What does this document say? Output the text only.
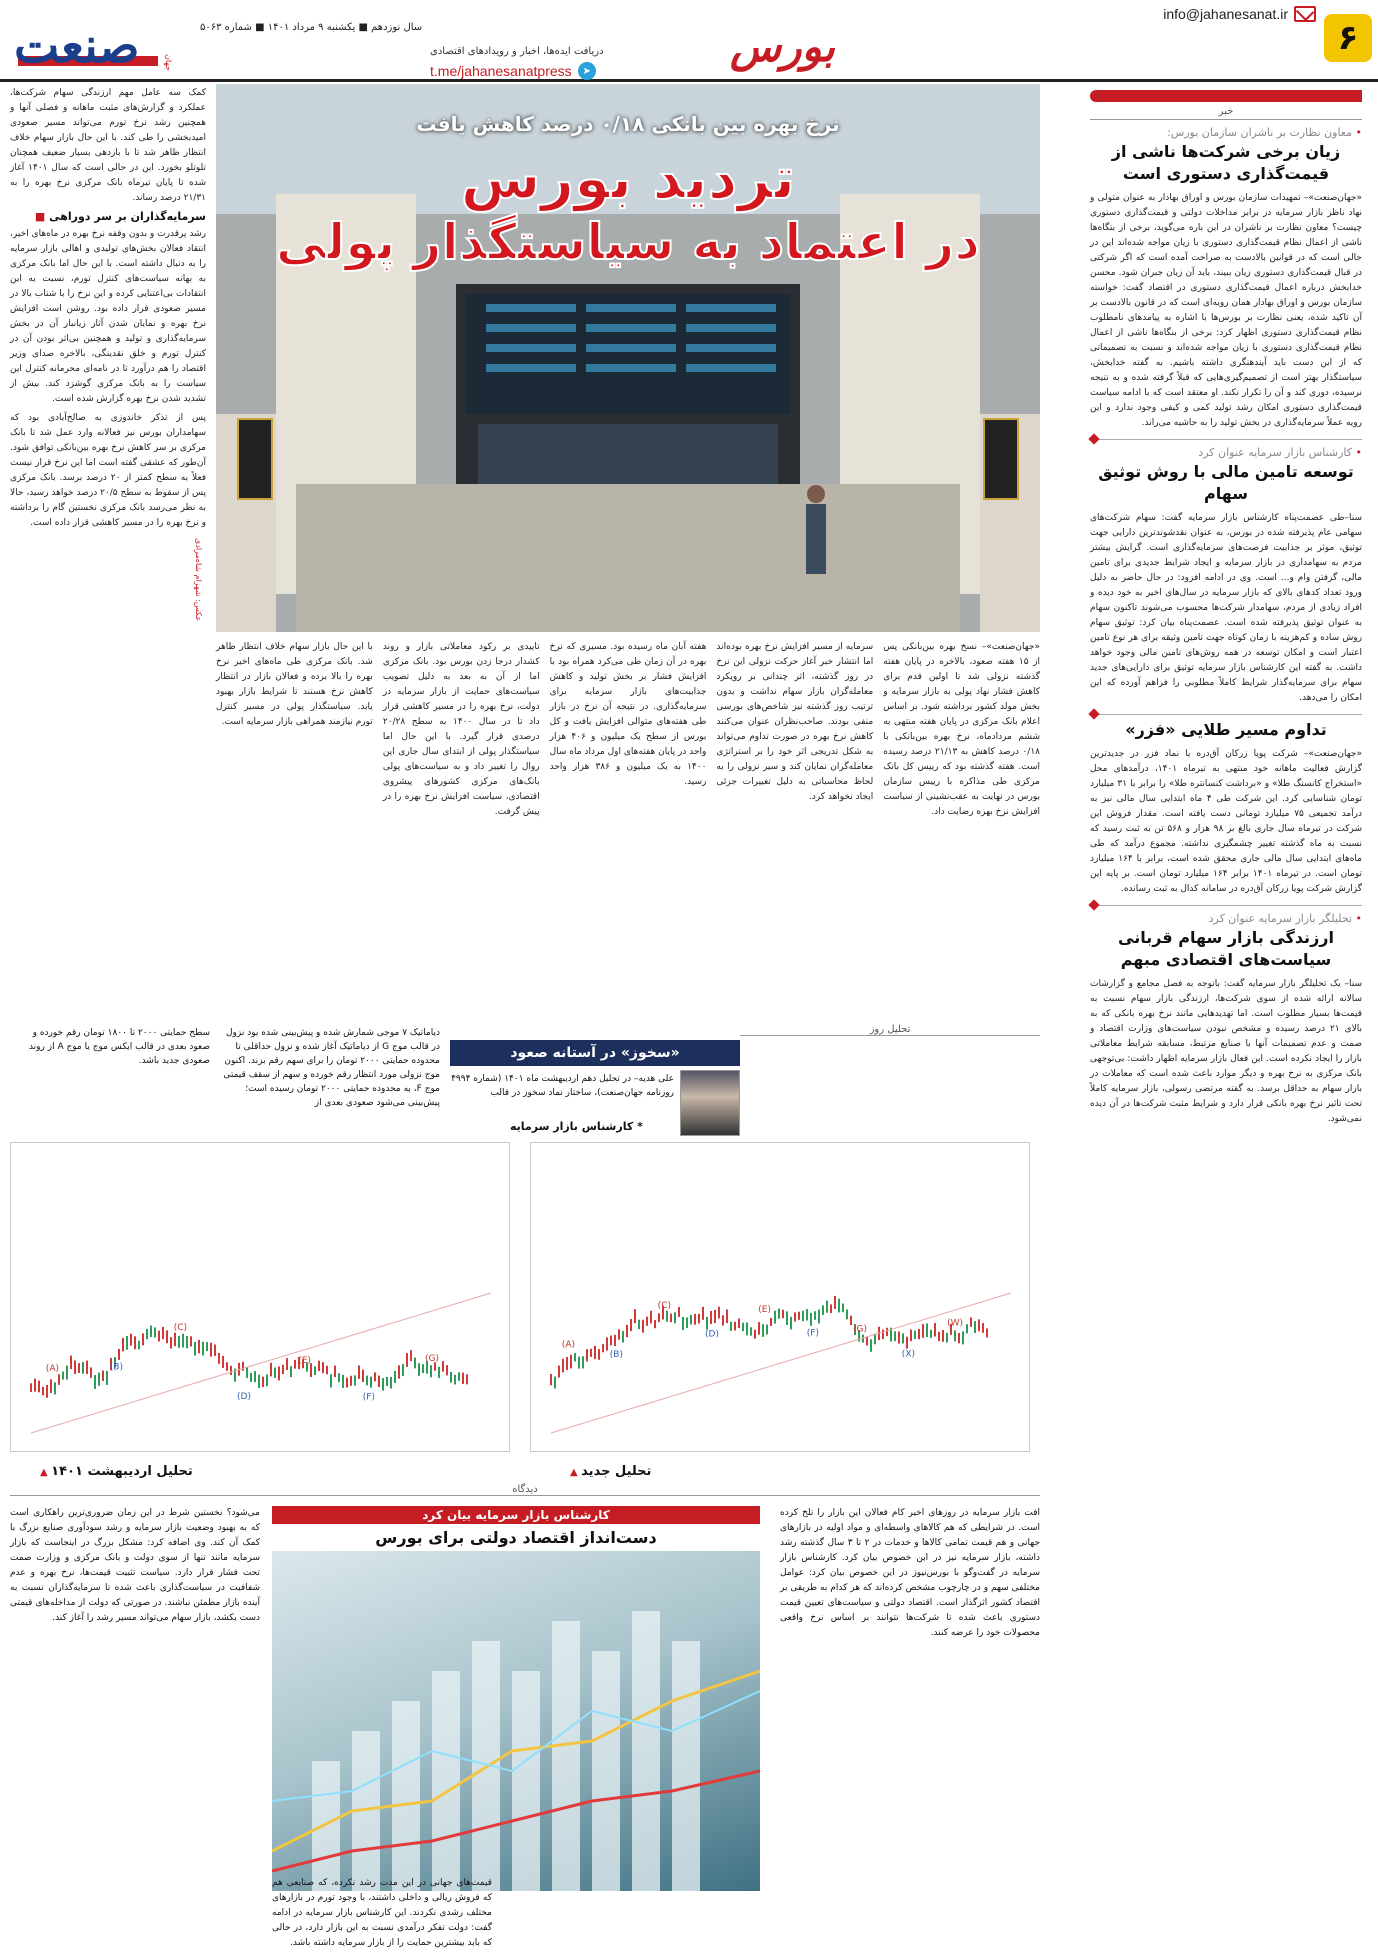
۶
info@jahanesanat.ir
بورس
دریافت ایده‌ها، اخبار و رویدادهای اقتصادی
t.me/jahanesanatpress	➤
سال نوزدهم ■ یکشنبه ۹ مرداد ۱۴۰۱ ■ شماره ۵۰۶۳
صنعت	جهان
خبر
• معاون نظارت بر ناشران سازمان بورس:
زیان برخی شرکت‌ها ناشی از قیمت‌گذاری دستوری است
«جهان‌صنعت»– تمهیدات سازمان بورس و اوراق بهادار به عنوان متولی و نهاد ناظر بازار سرمایه در برابر مداخلات دولتی و قیمت‌گذاری دستوری چیست؟ معاون نظارت بر ناشران در این باره می‌گوید، برخی از بنگاه‌ها ناشی از اعمال نظام قیمت‌گذاری دستوری با زیان مواجه شده‌اند این در حالی است که در قوانین بالادست به صراحت آمده است که اگر شرکتی در قبال قیمت‌گذاری دستوری زیان ببیند، باید آن زیان جبران شود. محسن خدابخش درباره اعمال قیمت‌گذاری دستوری در اقتصاد گفت: خواسته سازمان بورس و اوراق بهادار همان رویه‌ای است که در قانون بالادست بر آن تاکید شده، یعنی نظارت بر بورس‌ها با اشاره به پیامدهای نامطلوب نظام قیمت‌گذاری دستوری اظهار کرد: برخی از بنگاه‌ها ناشی از اعمال نظام قیمت‌گذاری دستوری با زیان مواجه شده‌اند و نسبت به تصمیماتی که از این دست باید آیندهنگری داشته باشیم. به گفته خدابخش، سیاستگذار بهتر است از تصمیم‌گیری‌هایی که قبلاً گرفته شده و به نتیجه نرسیده، دوری کند و آن را تکرار نکند. او معتقد است که با ادامه سیاست قیمت‌گذاری دستوری امکان رشد تولید کمی و کیفی وجود ندارد و این رویه عملاً سرمایه‌گذاری در بخش تولید را به حاشیه می‌راند.
• کارشناس بازار سرمایه عنوان کرد
توسعه تامین مالی با روش توثیق سهام
سنا–طی عصمت‌پناه کارشناس بازار سرمایه گفت: سهام شرکت‌های سهامی عام پذیرفته شده در بورس، به عنوان نقدشوندترین دارایی جهت توثیق، موثر بر جذابیت فرصت‌های سرمایه‌گذاری است. گرایش بیشتر مردم به سهامداری در بازار سرمایه و ایجاد شرایط جدیدی برای تامین مالی، گرفتن وام و... است. وی در ادامه افزود: در حال حاضر به دلیل ورود تعداد کدهای بالای که بازار سرمایه در سال‌های اخیر به خود دیده و افراد زیادی از مردم، سهامدار شرکت‌ها محسوب می‌شوند تاکنون سهام به عنوان توثیق پذیرفته شده است. عصمت‌پناه بیان کرد: توثیق سهام روش ساده و کم‌هزینه با زمان کوتاه جهت تامین وثیقه برای هر نوع تامین اعتبار است و امکان توسعه در همه روش‌های تامین مالی وجود خواهد داشت. به گفته این کارشناس بازار سرمایه توثیق برای دارایی‌های جدید سهام برای سرمایه‌گذار شرایط کاملاً مطلوبی را فراهم آورده که این امکان را می‌دهد.
تداوم مسیر طلایی «فزر»
«جهان‌صنعت»– شرکت پویا زرکان آق‌دره با نماد فزر در جدیدترین گزارش فعالیت ماهانه خود منتهی به تیرماه ۱۴۰۱، درآمدهای محل «استخراج کانسنگ طلا» و «برداشت کنسانتره طلا» را برابر با ۳۱ میلیارد تومان شناسایی کرد. این شرکت طی ۴ ماه ابتدایی سال مالی نیز به درآمد تجمیعی ۷۵ میلیارد تومانی دست یافته است. مقدار فروش این شرکت در تیرماه سال جاری بالغ بر ۹۸ هزار و ۵۶۸ تن به ثبت رسید که نسبت به ماه گذشته تغییر چشمگیری نداشته. مجموع درآمد که طی ماه‌های ابتدایی سال مالی جاری محقق شده است، برابر با ۱۶۴ میلیارد تومان است. در تیرماه ۱۴۰۱ برابر ۱۶۴ میلیارد تومان است. بر پایه این گزارش شرکت پویا زرکان آق‌دره در سامانه کدال به ثبت رسانده.
• تحلیلگر بازار سرمایه عنوان کرد
ارزندگی بازار سهام قربانی سیاست‌های اقتصادی مبهم
سنا– یک تحلیلگر بازار سرمایه گفت: باتوجه به فصل مجامع و گزارشات سالانه ارائه شده از سوی شرکت‌ها، ارزندگی بازار سهام نسبت به قیمت‌ها بسیار مطلوب است. اما تهدیدهایی مانند نرخ بهره بانکی که به بالای ۲۱ درصد رسیده و مشخص نبودن سیاست‌های وزارت اقتصاد و صمت و عدم تصمیمات آنها با صنایع مرتبط، مسابقه شرایط معاملاتی بازار را ایجاد نکرده است. این فعال بازار سرمایه اظهار داشت: بی‌توجهی بانک مرکزی به نرخ بهره و دیگر موارد باعث شده است که معاملات در بازار سهام به حداقل برسد. به گفته مرتضی رسولی، بازار سرمایه کاملاً تحت تاثیر نرخ بهره بانکی قرار دارد و شرایط مثبت شرکت‌ها در آن دیده نمی‌شود.
نرخ بهره بین بانکی ۰/۱۸ درصد کاهش یافت
تردید بورس
در اعتماد به سیاستگذار پولی
کمک سه عامل مهم ارزندگی سهام شرکت‌ها، عملکرد و گزارش‌های مثبت ماهانه و فصلی آنها و همچنین رشد نرخ تورم می‌تواند مسیر صعودی امیدبخشی را طی کند. با این حال بازار سهام خلاف انتظار ظاهر شد تا با بازدهی بسیار ضعیف همچنان تلوتلو بخورد. این در حالی است که سال ۱۴۰۱ آغاز شده تا پایان تیرماه بانک مرکزی نرخ بهره را به ۲۱/۳۱ درصد رساند.
سرمایه‌گذاران بر سر دوراهی ■
رشد پرقدرت و بدون وقفه نرخ بهره در ماه‌های اخیر، انتقاد فعالان بخش‌های تولیدی و اهالی بازار سرمایه را به دنبال داشته است. با این حال اما بانک مرکزی به بهانه سیاست‌های کنترل تورم، نسبت به این انتقادات بی‌اعتنایی کرده و این نرخ را با شتاب بالا در مسیر صعودی قرار داده بود. روشن است افزایش نرخ بهره و نمایان شدن آثار زیانبار آن در بخش سرمایه‌گذاری و تولید و همچنین بی‌اثر بودن آن در کنترل تورم و خلق نقدینگی، بالاخره صدای وزیر اقتصاد را هم درآورد تا در نامه‌ای محرمانه کنترل این سیاست را به بانک مرکزی گوشزد کند. بیش از تشدید شدن نرخ بهره گزارش شده است.
پس از تذکر خاندوزی به صالح‌آبادی بود که سهامداران بورس نیز فعالانه وارد عمل شد تا بانک مرکزی بر سر کاهش نرخ بهره بین‌بانکی توافق شود. آن‌طور که عشقی گفته است اما این نرخ قرار نیست فعلاً به سطح کمتر از ۲۰ درصد برسد. بانک مرکزی پس از سقوط به سطح ۲۰/۵ درصد خواهد رسید، حالا به نظر می‌رسد بانک مرکزی نخستین گام را برداشته و نرخ بهره را در مسیر کاهشی قرار داده است.
عکس: شهرام شاه‌مرادی
«جهان‌صنعت»– نسخ بهره بین‌بانکی پس از ۱۵ هفته صعود، بالاخره در پایان هفته گذشته نزولی شد تا اولین قدم برای کاهش فشار نهاد پولی به بازار سرمایه و بخش مولد کشور برداشته شود. بر اساس اعلام بانک مرکزی در پایان هفته منتهی به ششم مردادماه، نرخ بهره بین‌بانکی با ۰/۱۸ درصد کاهش به ۲۱/۱۳ درصد رسیده است. هفته گذشته بود که رییس کل بانک مرکزی طی مذاکره با رییس سازمان بورس در نهایت به عقب‌نشینی از سیاست افزایش نرخ بهره رضایت داد.
سرمایه از مسیر افزایش نرخ بهره بوده‌اند اما انتشار خبر آغاز حرکت نزولی این نرخ در روز گذشته، اثر چندانی بر رویکرد معامله‌گران بازار سهام نداشت و بدون ترتیب روز گذشته نیز شاخص‌های بورسی منفی بودند. صاحب‌نظران عنوان می‌کنند کاهش نرخ بهره در صورت تداوم می‌تواند به شکل تدریجی اثر خود را بر استراتژی معامله‌گران نمایان کند و سیر نزولی را به لحاظ محاسباتی به دلیل تغییرات جزئی ایجاد نخواهد کرد.
هفته آبان ماه رسیده بود. مسیری که نرخ بهره در آن زمان طی می‌کرد همراه بود با افزایش فشار بر بخش تولید و کاهش جذابیت‌های بازار سرمایه برای سرمایه‌گذاری. در نتیجه آن نرخ در بازار طی هفته‌های متوالی افزایش یافت و کل بورس از سطح یک میلیون و ۴۰۶ هزار واحد در پایان هفته‌های اول مرداد ماه سال ۱۴۰۰ به یک میلیون و ۳۸۶ هزار واحد رسید.
تاییدی بر رکود معاملاتی بازار و روند کشدار درجا زدن بورس بود. بانک مرکزی اما از آن به بعد به دلیل تصویب سیاست‌های حمایت از بازار سرمایه در دولت، نرخ بهره را در مسیر کاهشی قرار داد تا در سال ۱۴۰۰ به سطح ۲۰/۲۸ درصدی قرار گیرد. با این حال اما سیاستگذار پولی از ابتدای سال جاری این روال را تغییر داد و به سیاست‌های پولی بانک‌های مرکزی کشورهای پیشروی اقتصادی، سیاست افزایش نرخ بهره را در پیش گرفت.
با این حال بازار سهام خلاف انتظار ظاهر شد. بانک مرکزی طی ماه‌های اخیر نرخ بهره را بالا برده و فعالان بازار در انتظار کاهش نرخ هستند تا شرایط بازار بهبود یابد. سیاستگذار پولی در مسیر کنترل تورم نیازمند همراهی بازار سرمایه است.
تحلیل روز
«سخوز» در آستانه صعود
علی هدیه– در تحلیل دهم اردیبهشت ماه ۱۴۰۱ (شماره ۴۹۹۴ روزنامه جهان‌صنعت)، ساختار نماد سخوز در قالب
دیاماتیک ۷ موجی شمارش شده و پیش‌بینی شده بود نزول در قالب موج G از دیاماتیک آغاز شده و نزول حداقلی تا محدوده حمایتی ۲۰۰۰ تومان را برای سهم رقم بزند. اکنون موج نزولی مورد انتظار رقم خورده و سهم از سقف قیمتی موج F، به محدوده حمایتی ۲۰۰۰ تومان رسیده است؛ پیش‌بینی می‌شود صعودی بعدی از
سطح حمایتی ۲۰۰۰ تا ۱۸۰۰ تومان رقم خورده و صعود بعدی در قالب ایکس موج یا موج A از روند صعودی جدید باشد.
* کارشناس بازار سرمایه
(A)
(B)
(C)
(D)
(E)
(F)	(G)
(X)
(W)
(A)	(B)
(C)
(D)
(E)
(F)
(G)
تحلیل جدید ▲
تحلیل اردیبهشت ۱۴۰۱ ▲
دیدگاه
افت بازار سرمایه در روزهای اخیر کام فعالان این بازار را تلخ کرده است. در شرایطی که هم کالاهای واسطه‌ای و مواد اولیه در بازارهای جهانی و هم قیمت تمامی کالاها و خدمات در ۲ تا ۳ سال گذشته رشد داشته، بازار سرمایه نیز در این خصوص بیان کرد. کارشناس بازار سرمایه در گفت‌وگو با بورس‌نیوز در این خصوص بیان کرد: عوامل مختلفی سهم و در چارچوب مشخص کرده‌اند که هر کدام به طریقی بر اقتصاد کشور اثرگذار است. اقتصاد دولتی و سیاست‌های تعیین قیمت دستوری باعث شده تا شرکت‌ها نتوانند بر اساس نرخ واقعی محصولات خود را عرضه کنند.
کارشناس بازار سرمایه بیان کرد
دست‌انداز اقتصاد دولتی برای بورس
قیمت‌های جهانی در این مدت رشد نکرده، که صنایعی هم که فروش ریالی و داخلی داشتند، با وجود تورم در بازارهای مختلف رشدی نکردند. این کارشناس بازار سرمایه در ادامه گفت: دولت تفکر درآمدی نسبت به این بازار دارد، در حالی که باید بیشترین حمایت را از بازار سرمایه داشته باشد.
می‌شود؟ نخستین شرط در این زمان ضروری‌ترین راهکاری است که به بهبود وضعیت بازار سرمایه و رشد سودآوری صنایع بزرگ با کمک آن کند. وی اضافه کرد: مشکل بزرگ در اینجاست که بازار سرمایه مانند تنها از سوی دولت و بانک مرکزی و وزارت صمت تحت فشار قرار دارد. سیاست تثبیت قیمت‌ها، نرخ بهره و عدم شفافیت در سیاست‌گذاری باعث شده تا سرمایه‌گذاران نسبت به آینده بازار مطمئن نباشند. در صورتی که دولت از مداخله‌های قیمتی دست بکشد، بازار سهام می‌تواند مسیر رشد را آغاز کند.
